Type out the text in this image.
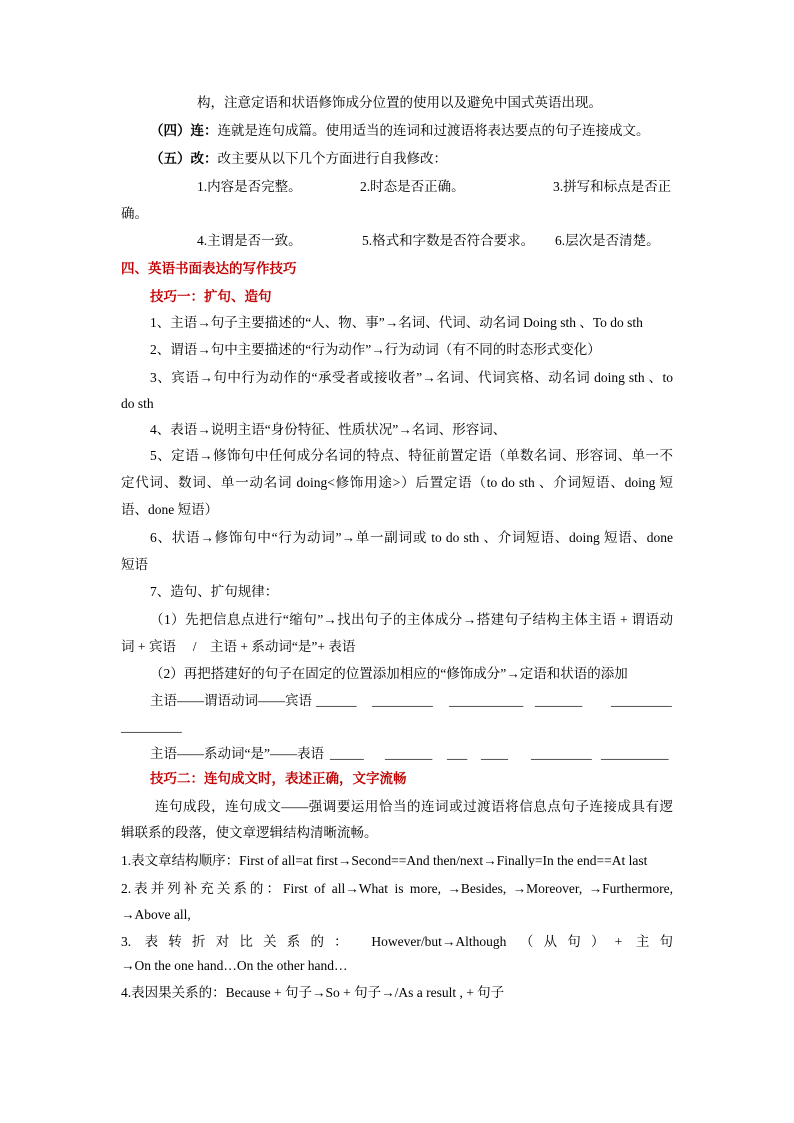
构，注意定语和状语修饰成分位置的使用以及避免中国式英语出现。
（四）连：连就是连句成篇。使用适当的连词和过渡语将表达要点的句子连接成文。
（五）改：改主要从以下几个方面进行自我修改：
1.内容是否完整。	2.时态是否正确。	3.拼写和标点是否正
确。
4.主谓是否一致。	5.格式和字数是否符合要求。 6.层次是否清楚。
四、英语书面表达的写作技巧
技巧一：扩句、造句
1、主语→句子主要描述的“人、物、事”→名词、代词、动名词 Doing sth 、To do sth
2、谓语→句中主要描述的“行为动作”→行为动词（有不同的时态形式变化）
3、宾语→句中行为动作的“承受者或接收者”→名词、代词宾格、动名词 doing sth 、to
do sth
4、表语→说明主语“身份特征、性质状况”→名词、形容词、
5、定语→修饰句中任何成分名词的特点、特征前置定语（单数名词、形容词、单一不
定代词、数词、单一动名词 doing<修饰用途>）后置定语（to do sth 、介词短语、doing 短
语、done 短语）
6、状语→修饰句中“行为动词”→单一副词或 to do sth 、介词短语、doing 短语、done
短语
7、造句、扩句规律：
（1）先把信息点进行“缩句”→找出句子的主体成分→搭建句子结构主体主语 + 谓语动
词 + 宾语     /    主语 + 系动词“是”+ 表语
（2）再把搭建好的句子在固定的位置添加相应的“修饰成分”→定语和状语的添加
主语——谓语动词——宾语 ______ _________ ___________ _______ _________
_________
主语——系动词“是”——表语 _____ _______ ___ ____ _________ __________
技巧二：连句成文时，表述正确，文字流畅
连句成段，连句成文——强调要运用恰当的连词或过渡语将信息点句子连接成具有逻
辑联系的段落，使文章逻辑结构清晰流畅。
1.表文章结构顺序：First of all=at first→Second==And then/next→Finally=In the end==At last
2.表并列补充关系的：First of all→What is more, →Besides, →Moreover, →Furthermore,
→Above all,
3. 表转折对比关系的： However/but→Although （从句）+ 主句
→On the one hand…On the other hand…
4.表因果关系的：Because + 句子→So + 句子→/As a result , + 句子
